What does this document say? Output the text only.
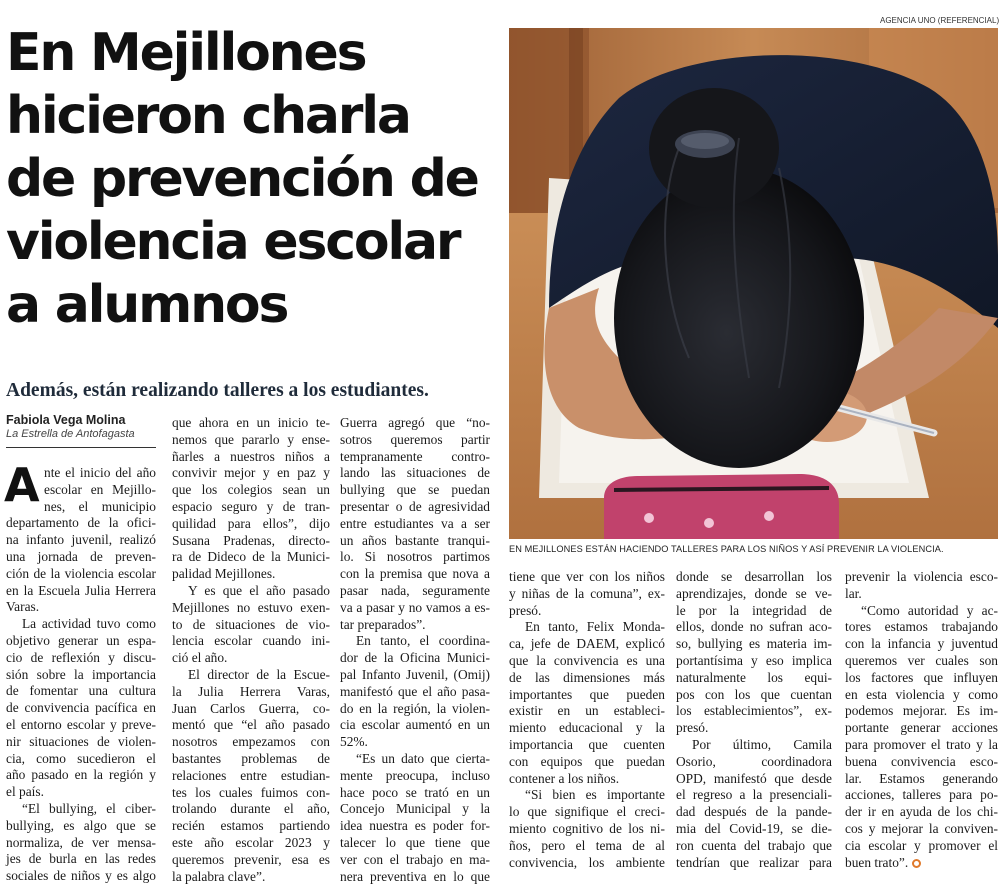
En Mejillones
hicieron charla
de prevención de
violencia escolar
a alumnos
Además, están realizando talleres a los estudiantes.
Fabiola Vega Molina
La Estrella de Antofagasta
AGENCIA UNO (REFERENCIAL)
EN MEJILLONES ESTÁN HACIENDO TALLERES PARA LOS NIÑOS Y ASÍ PREVENIR LA VIOLENCIA.
A nte el inicio del año
escolar en Mejillo-
nes, el municipio
departamento de la ofici-
na infanto juvenil, realizó
una jornada de preven-
ción de la violencia escolar
en la Escuela Julia Herrera
Varas.
La actividad tuvo como
objetivo generar un espa-
cio de reflexión y discu-
sión sobre la importancia
de fomentar una cultura
de convivencia pacífica en
el entorno escolar y preve-
nir situaciones de violen-
cia, como sucedieron el
año pasado en la región y
el país.
“El bullying, el ciber-
bullying, es algo que se
normaliza, de ver mensa-
jes de burla en las redes
sociales de niños y es algo
que ahora en un inicio te-
nemos que pararlo y ense-
ñarles a nuestros niños a
convivir mejor y en paz y
que los colegios sean un
espacio seguro y de tran-
quilidad para ellos”, dijo
Susana Pradenas, directo-
ra de Dideco de la Munici-
palidad Mejillones.
Y es que el año pasado
Mejillones no estuvo exen-
to de situaciones de vio-
lencia escolar cuando ini-
ció el año.
El director de la Escue-
la Julia Herrera Varas,
Juan Carlos Guerra, co-
mentó que “el año pasado
nosotros empezamos con
bastantes problemas de
relaciones entre estudian-
tes los cuales fuimos con-
trolando durante el año,
recién estamos partiendo
este año escolar 2023 y
queremos prevenir, esa es
la palabra clave”.
Guerra agregó que “no-
sotros queremos partir
tempranamente contro-
lando las situaciones de
bullying que se puedan
presentar o de agresividad
entre estudiantes va a ser
un años bastante tranqui-
lo. Si nosotros partimos
con la premisa que nova a
pasar nada, seguramente
va a pasar y no vamos a es-
tar preparados”.
En tanto, el coordina-
dor de la Oficina Munici-
pal Infanto Juvenil, (Omij)
manifestó que el año pasa-
do en la región, la violen-
cia escolar aumentó en un
52%.
“Es un dato que cierta-
mente preocupa, incluso
hace poco se trató en un
Concejo Municipal y la
idea nuestra es poder for-
talecer lo que tiene que
ver con el trabajo en ma-
nera preventiva en lo que
tiene que ver con los niños
y niñas de la comuna”, ex-
presó.
En tanto, Felix Monda-
ca, jefe de DAEM, explicó
que la convivencia es una
de las dimensiones más
importantes que pueden
existir en un estableci-
miento educacional y la
importancia que cuenten
con equipos que puedan
contener a los niños.
“Si bien es importante
lo que signifique el creci-
miento cognitivo de los ni-
ños, pero el tema de al
convivencia, los ambiente
donde se desarrollan los
aprendizajes, donde se ve-
le por la integridad de
ellos, donde no sufran aco-
so, bullying es materia im-
portantísima y eso implica
naturalmente los equi-
pos con los que cuentan
los establecimientos”, ex-
presó.
Por último, Camila
Osorio, coordinadora
OPD, manifestó que desde
el regreso a la presenciali-
dad después de la pande-
mia del Covid-19, se die-
ron cuenta del trabajo que
tendrían que realizar para
prevenir la violencia esco-
lar.
“Como autoridad y ac-
tores estamos trabajando
con la infancia y juventud
queremos ver cuales son
los factores que influyen
en esta violencia y como
podemos mejorar. Es im-
portante generar acciones
para promover el trato y la
buena convivencia esco-
lar. Estamos generando
acciones, talleres para po-
der ir en ayuda de los chi-
cos y mejorar la conviven-
cia escolar y promover el
buen trato”.
